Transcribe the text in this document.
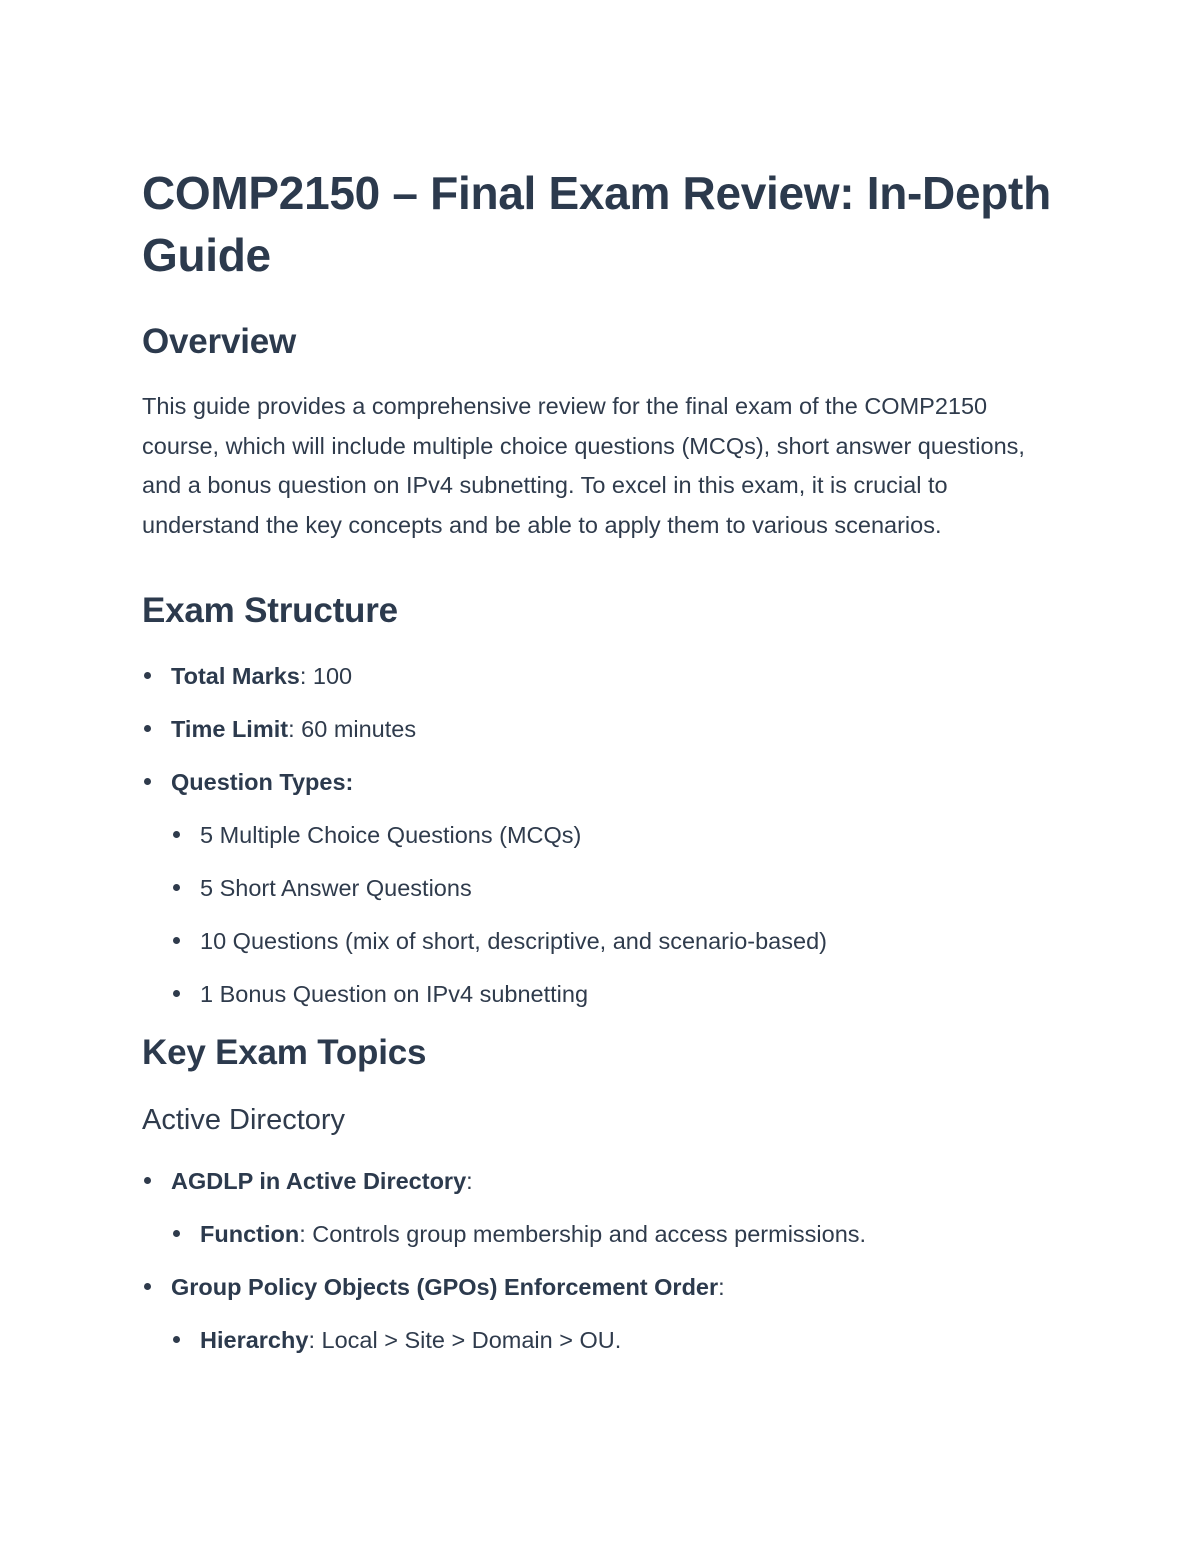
COMP2150 – Final Exam Review: In-Depth Guide
Overview

This guide provides a comprehensive review for the final exam of the COMP2150 course, which will include multiple choice questions (MCQs), short answer questions, and a bonus question on IPv4 subnetting. To excel in this exam, it is crucial to understand the key concepts and be able to apply them to various scenarios.

Exam Structure
Total Marks: 100
Time Limit: 60 minutes
Question Types:
5 Multiple Choice Questions (MCQs)
5 Short Answer Questions
10 Questions (mix of short, descriptive, and scenario-based)
1 Bonus Question on IPv4 subnetting
Key Exam Topics
Active Directory
AGDLP in Active Directory:
Function: Controls group membership and access permissions.
Group Policy Objects (GPOs) Enforcement Order:
Hierarchy: Local > Site > Domain > OU.
